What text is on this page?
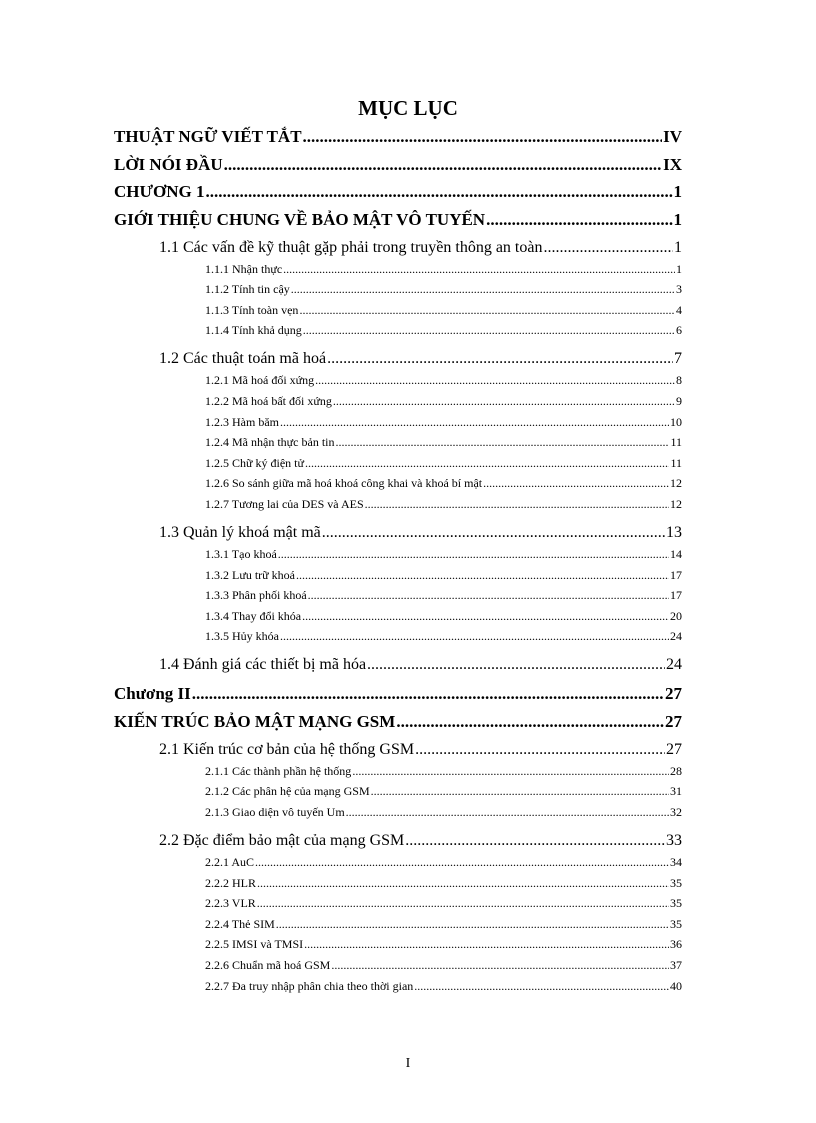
MỤC LỤC
THUẬT NGỮ VIẾT TẮT .....	IV
LỜI NÓI ĐẦU .....	IX
CHƯƠNG 1 .....	1
GIỚI THIỆU CHUNG VỀ BẢO MẬT VÔ TUYẾN .....	1
1.1 Các vấn đề kỹ thuật gặp phải trong truyền thông an toàn .....	1
1.1.1 Nhận thực .....	1
1.1.2 Tính tin cậy .....	3
1.1.3 Tính toàn vẹn .....	4
1.1.4 Tính khả dụng .....	6
1.2 Các thuật toán mã hoá .....	7
1.2.1 Mã hoá đối xứng .....	8
1.2.2 Mã hoá bất đối xứng .....	9
1.2.3 Hàm băm .....	10
1.2.4 Mã nhận thực bản tin .....	11
1.2.5 Chữ ký điện tử .....	11
1.2.6 So sánh giữa mã hoá khoá công khai và khoá bí mật .....	12
1.2.7 Tương lai của DES và AES .....	12
1.3 Quản lý khoá mật mã .....	13
1.3.1 Tạo khoá .....	14
1.3.2 Lưu trữ khoá .....	17
1.3.3 Phân phối khoá .....	17
1.3.4 Thay đổi khóa .....	20
1.3.5 Hủy khóa .....	24
1.4 Đánh giá các thiết bị mã hóa .....	24
Chương II .....	27
KIẾN TRÚC BẢO MẬT MẠNG GSM .....	27
2.1 Kiến trúc cơ bản của hệ thống GSM .....	27
2.1.1 Các thành phần hệ thống .....	28
2.1.2 Các phân hệ của mạng GSM .....	31
2.1.3 Giao diện vô tuyến Um .....	32
2.2 Đặc điểm bảo mật của mạng GSM .....	33
2.2.1 AuC .....	34
2.2.2 HLR .....	35
2.2.3 VLR .....	35
2.2.4 Thẻ SIM .....	35
2.2.5 IMSI và TMSI .....	36
2.2.6 Chuẩn mã hoá GSM .....	37
2.2.7 Đa truy nhập phân chia theo thời gian .....	40
I
